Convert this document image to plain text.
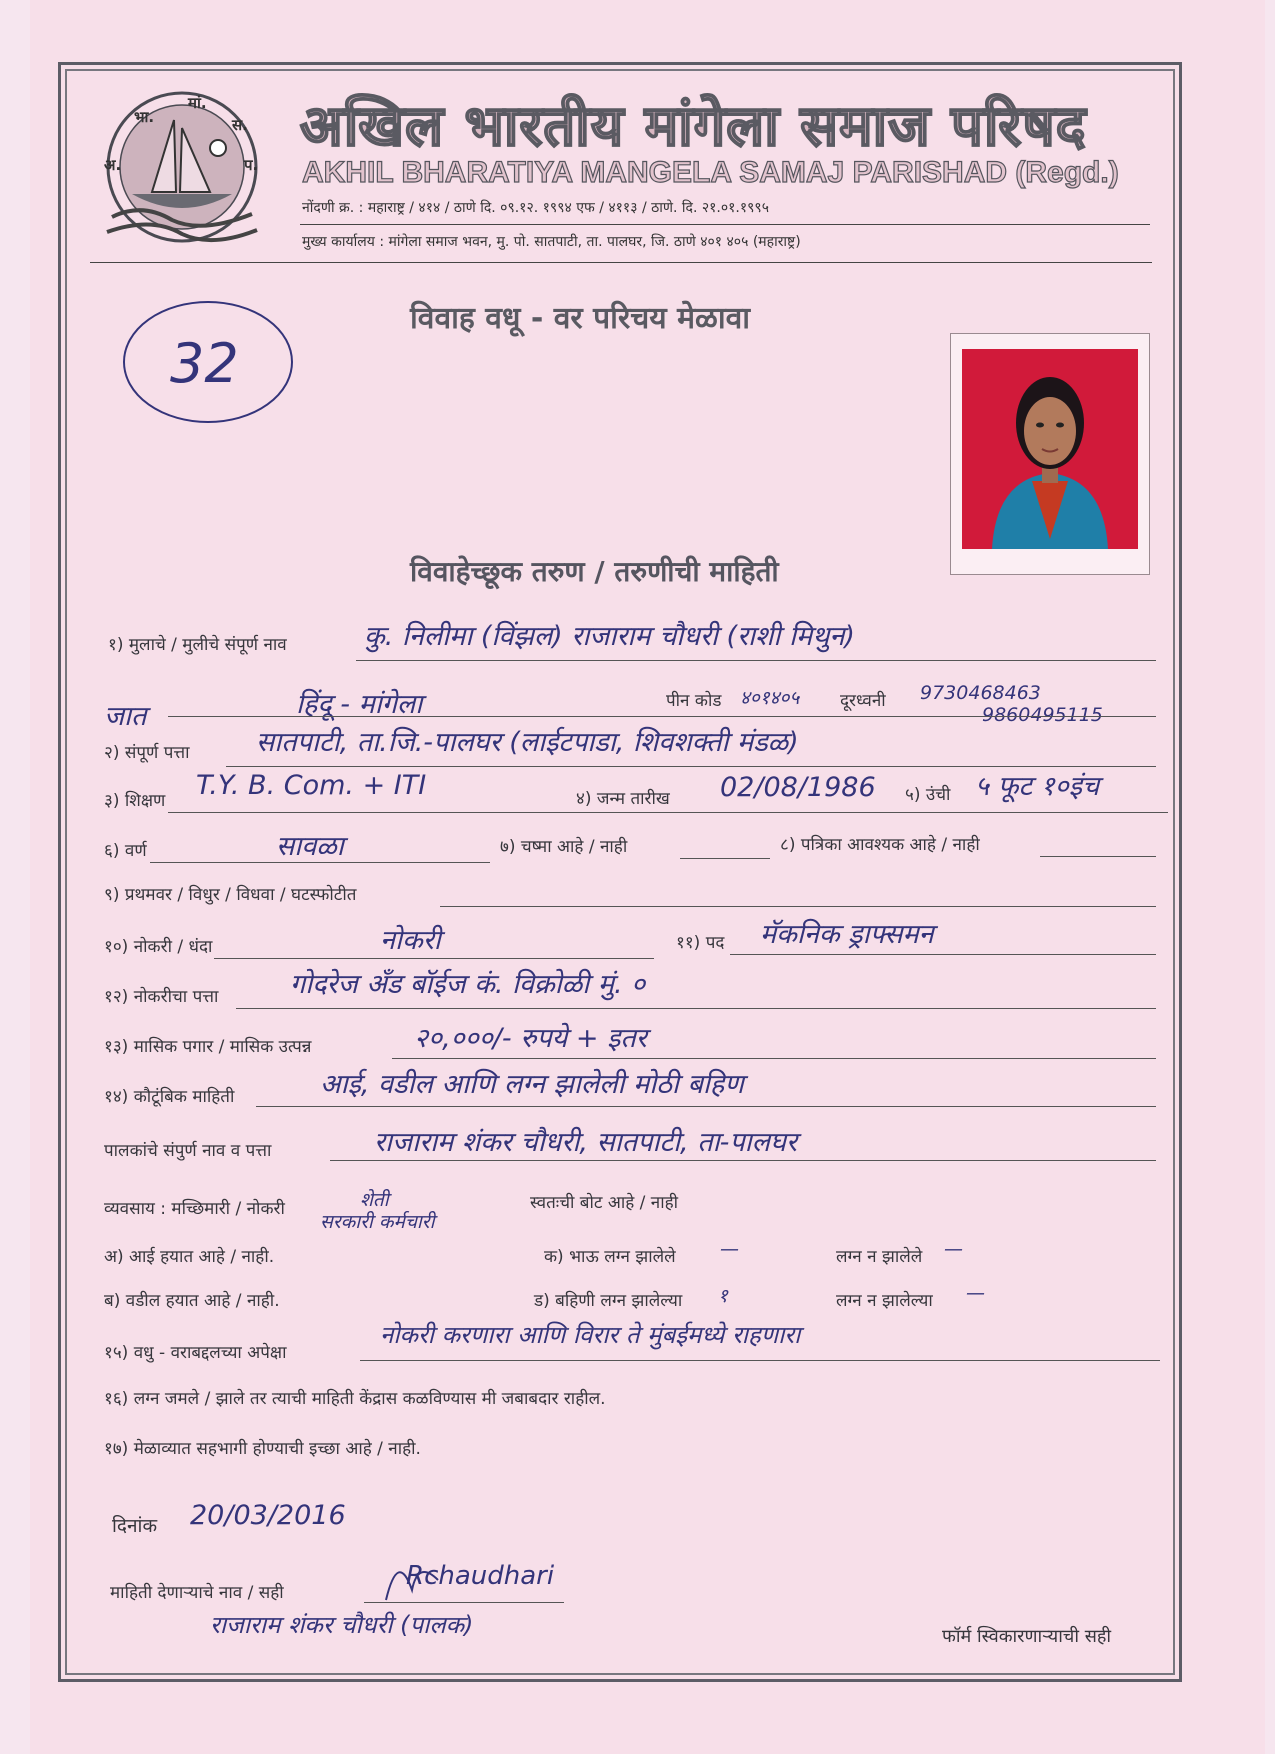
भा.
मां.
अ.
स.
प.
अखिल भारतीय मांगेला समाज परिषद
AKHIL BHARATIYA MANGELA SAMAJ PARISHAD (Regd.)
नोंदणी क्र. : महाराष्ट्र / ४१४ / ठाणे दि. ०९.१२. १९९४ एफ / ४११३ / ठाणे. दि. २१.०१.१९९५
मुख्य कार्यालय : मांगेला समाज भवन, मु. पो. सातपाटी, ता. पालघर, जि. ठाणे ४०१ ४०५ (महाराष्ट्र)
32
विवाह वधू - वर परिचय मेळावा
विवाहेच्छूक तरुण / तरुणीची माहिती
१) मुलाचे / मुलीचे संपूर्ण नाव	कु. निलीमा (विंझल) राजाराम चौधरी (राशी मिथुन)
जात	हिंदू - मांगेला	पीन कोड ४०१४०५ दूरध्वनी 9730468463
9860495115
२) संपूर्ण पत्ता सातपाटी, ता.जि.-पालघर (लाईटपाडा, शिवशक्ती मंडळ)
३) शिक्षण T.Y. B. Com. + ITI	४) जन्म तारीख 02/08/1986 ५) उंची ५ फूट १०इंच
६) वर्ण	सावळा	७) चष्मा आहे / नाही	८) पत्रिका आवश्यक आहे / नाही
९) प्रथमवर / विधुर / विधवा / घटस्फोटीत
१०) नोकरी / धंदा	नोकरी	११) पद मॅकनिक ड्राफ्समन
१२) नोकरीचा पत्ता	गोदरेज अँड बॉईज कं. विक्रोळी मुं. ०
१३) मासिक पगार / मासिक उत्पन्न	२०,०००/- रुपये + इतर
१४) कौटूंबिक माहिती	आई, वडील आणि लग्न झालेली मोठी बहिण
पालकांचे संपुर्ण नाव व पत्ता	राजाराम शंकर चौधरी, सातपाटी, ता-पालघर
व्यवसाय : मच्छिमारी / नोकरी	शेती
सरकारी कर्मचारी
स्वतःची बोट आहे / नाही
अ) आई हयात आहे / नाही.	क) भाऊ लग्न झालेले —	लग्न न झालेले —
ब) वडील हयात आहे / नाही.	ड) बहिणी लग्न झालेल्या १	लग्न न झालेल्या —
१५) वधु - वराबद्दलच्या अपेक्षा
नोकरी करणारा आणि विरार ते मुंबईमध्ये राहणारा
१६) लग्न जमले / झाले तर त्याची माहिती केंद्रास कळविण्यास मी जबाबदार राहील.
१७) मेळाव्यात सहभागी होण्याची इच्छा आहे / नाही.
दिनांक 20/03/2016
माहिती देणाऱ्याचे नाव / सही
Rchaudhari
राजाराम शंकर चौधरी (पालक)	फॉर्म स्विकारणाऱ्याची सही
